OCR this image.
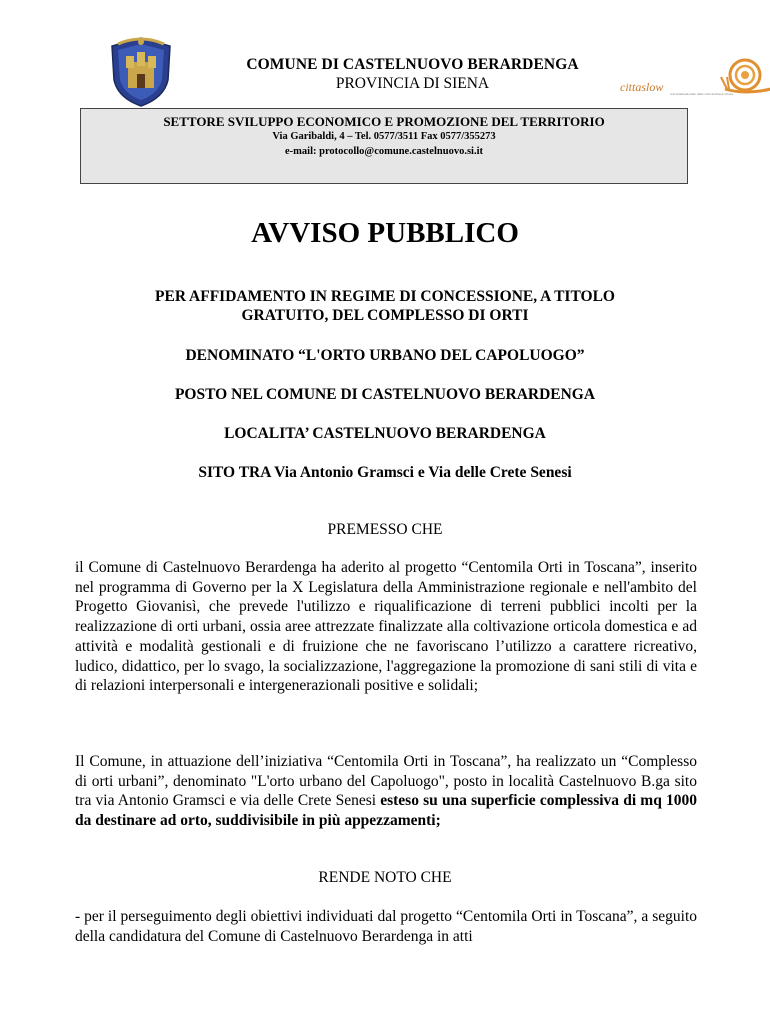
COMUNE DI CASTELNUOVO BERARDENGA
PROVINCIA DI SIENA	cittaslow rete internazionale delle città del buon vivere
SETTORE SVILUPPO ECONOMICO E PROMOZIONE DEL TERRITORIO
Via Garibaldi, 4 – Tel. 0577/3511 Fax 0577/355273
e-mail: protocollo@comune.castelnuovo.si.it
AVVISO PUBBLICO
PER AFFIDAMENTO IN REGIME DI CONCESSIONE, A TITOLO
GRATUITO, DEL COMPLESSO DI ORTI
DENOMINATO “L'ORTO URBANO DEL CAPOLUOGO”
POSTO NEL COMUNE DI CASTELNUOVO BERARDENGA
LOCALITA’ CASTELNUOVO BERARDENGA
SITO TRA Via Antonio Gramsci e Via delle Crete Senesi
PREMESSO CHE
il Comune di Castelnuovo Berardenga ha aderito al progetto “Centomila Orti in Toscana”, inserito nel programma di Governo per la X Legislatura della Amministrazione regionale e nell'ambito del Progetto Giovanisì, che prevede l'utilizzo e riqualificazione di terreni pubblici incolti per la realizzazione di orti urbani, ossia aree attrezzate finalizzate alla coltivazione orticola domestica e ad attività e modalità gestionali e di fruizione che ne favoriscano l’utilizzo a carattere ricreativo, ludico, didattico, per lo svago, la socializzazione, l'aggregazione la promozione di sani stili di vita e di relazioni interpersonali e intergenerazionali positive e solidali;
Il Comune, in attuazione dell’iniziativa “Centomila Orti in Toscana”, ha realizzato un “Complesso di orti urbani”, denominato "L'orto urbano del Capoluogo", posto in località Castelnuovo B.ga sito tra via Antonio Gramsci e via delle Crete Senesi esteso su una superficie complessiva di mq 1000 da destinare ad orto, suddivisibile in più appezzamenti;
RENDE NOTO CHE
- per il perseguimento degli obiettivi individuati dal progetto “Centomila Orti in Toscana”, a seguito della candidatura del Comune di Castelnuovo Berardenga in atti
